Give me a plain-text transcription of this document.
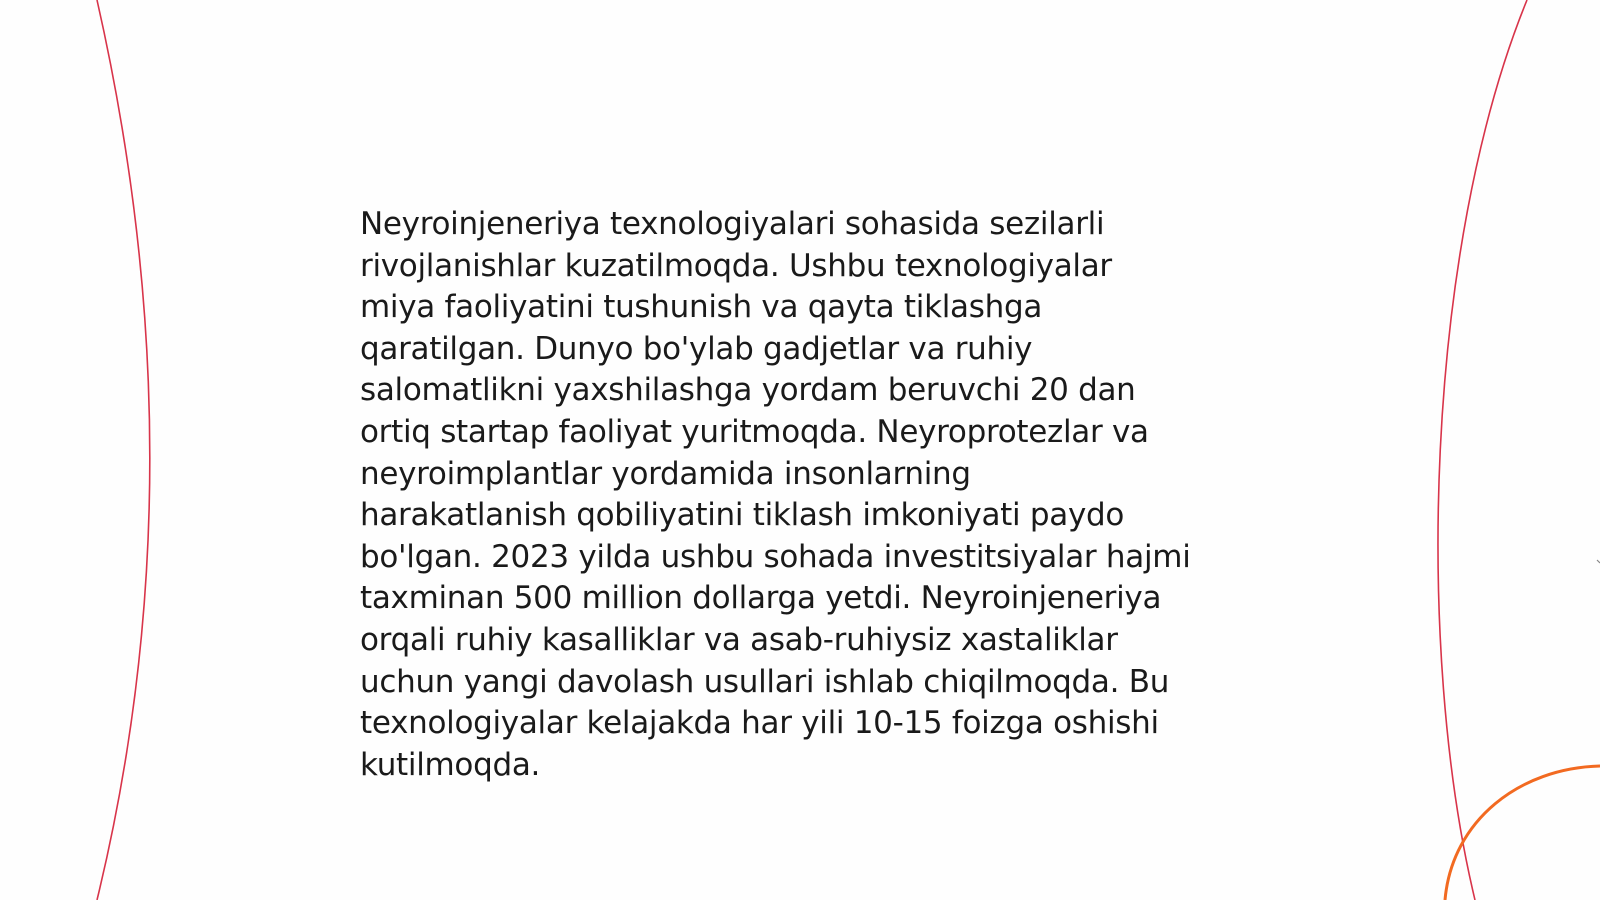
Neyroinjeneriya texnologiyalari sohasida sezilarli
rivojlanishlar kuzatilmoqda. Ushbu texnologiyalar
miya faoliyatini tushunish va qayta tiklashga
qaratilgan. Dunyo bo'ylab gadjetlar va ruhiy
salomatlikni yaxshilashga yordam beruvchi 20 dan
ortiq startap faoliyat yuritmoqda. Neyroprotezlar va
neyroimplantlar yordamida insonlarning
harakatlanish qobiliyatini tiklash imkoniyati paydo
bo'lgan. 2023 yilda ushbu sohada investitsiyalar hajmi
taxminan 500 million dollarga yetdi. Neyroinjeneriya
orqali ruhiy kasalliklar va asab-ruhiysiz xastaliklar
uchun yangi davolash usullari ishlab chiqilmoqda. Bu
texnologiyalar kelajakda har yili 10-15 foizga oshishi
kutilmoqda.
